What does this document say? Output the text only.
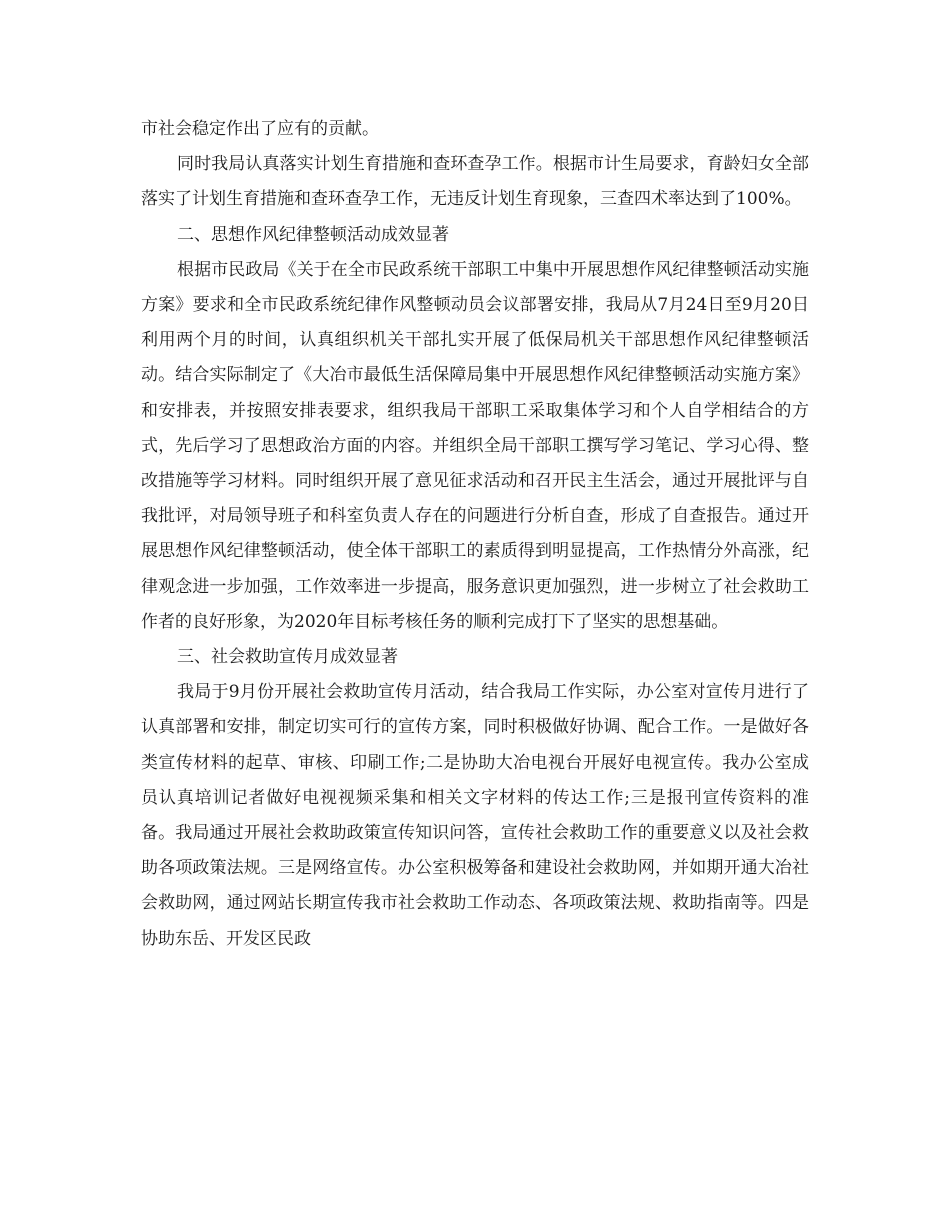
市社会稳定作出了应有的贡献。

同时我局认真落实计划生育措施和查环查孕工作。根据市计生局要求，育龄妇女全部落实了计划生育措施和查环查孕工作，无违反计划生育现象，三查四术率达到了100%。

二、思想作风纪律整顿活动成效显著

根据市民政局《关于在全市民政系统干部职工中集中开展思想作风纪律整顿活动实施方案》要求和全市民政系统纪律作风整顿动员会议部署安排，我局从7月24日至9月20日利用两个月的时间，认真组织机关干部扎实开展了低保局机关干部思想作风纪律整顿活动。结合实际制定了《大冶市最低生活保障局集中开展思想作风纪律整顿活动实施方案》和安排表，并按照安排表要求，组织我局干部职工采取集体学习和个人自学相结合的方式，先后学习了思想政治方面的内容。并组织全局干部职工撰写学习笔记、学习心得、整改措施等学习材料。同时组织开展了意见征求活动和召开民主生活会，通过开展批评与自我批评，对局领导班子和科室负责人存在的问题进行分析自查，形成了自查报告。通过开展思想作风纪律整顿活动，使全体干部职工的素质得到明显提高，工作热情分外高涨，纪律观念进一步加强，工作效率进一步提高，服务意识更加强烈，进一步树立了社会救助工作者的良好形象，为2020年目标考核任务的顺利完成打下了坚实的思想基础。

三、社会救助宣传月成效显著

我局于9月份开展社会救助宣传月活动，结合我局工作实际，办公室对宣传月进行了认真部署和安排，制定切实可行的宣传方案，同时积极做好协调、配合工作。一是做好各类宣传材料的起草、审核、印刷工作;二是协助大冶电视台开展好电视宣传。我办公室成员认真培训记者做好电视视频采集和相关文字材料的传达工作;三是报刊宣传资料的准备。我局通过开展社会救助政策宣传知识问答，宣传社会救助工作的重要意义以及社会救助各项政策法规。三是网络宣传。办公室积极筹备和建设社会救助网，并如期开通大冶社会救助网，通过网站长期宣传我市社会救助工作动态、各项政策法规、救助指南等。四是协助东岳、开发区民政
